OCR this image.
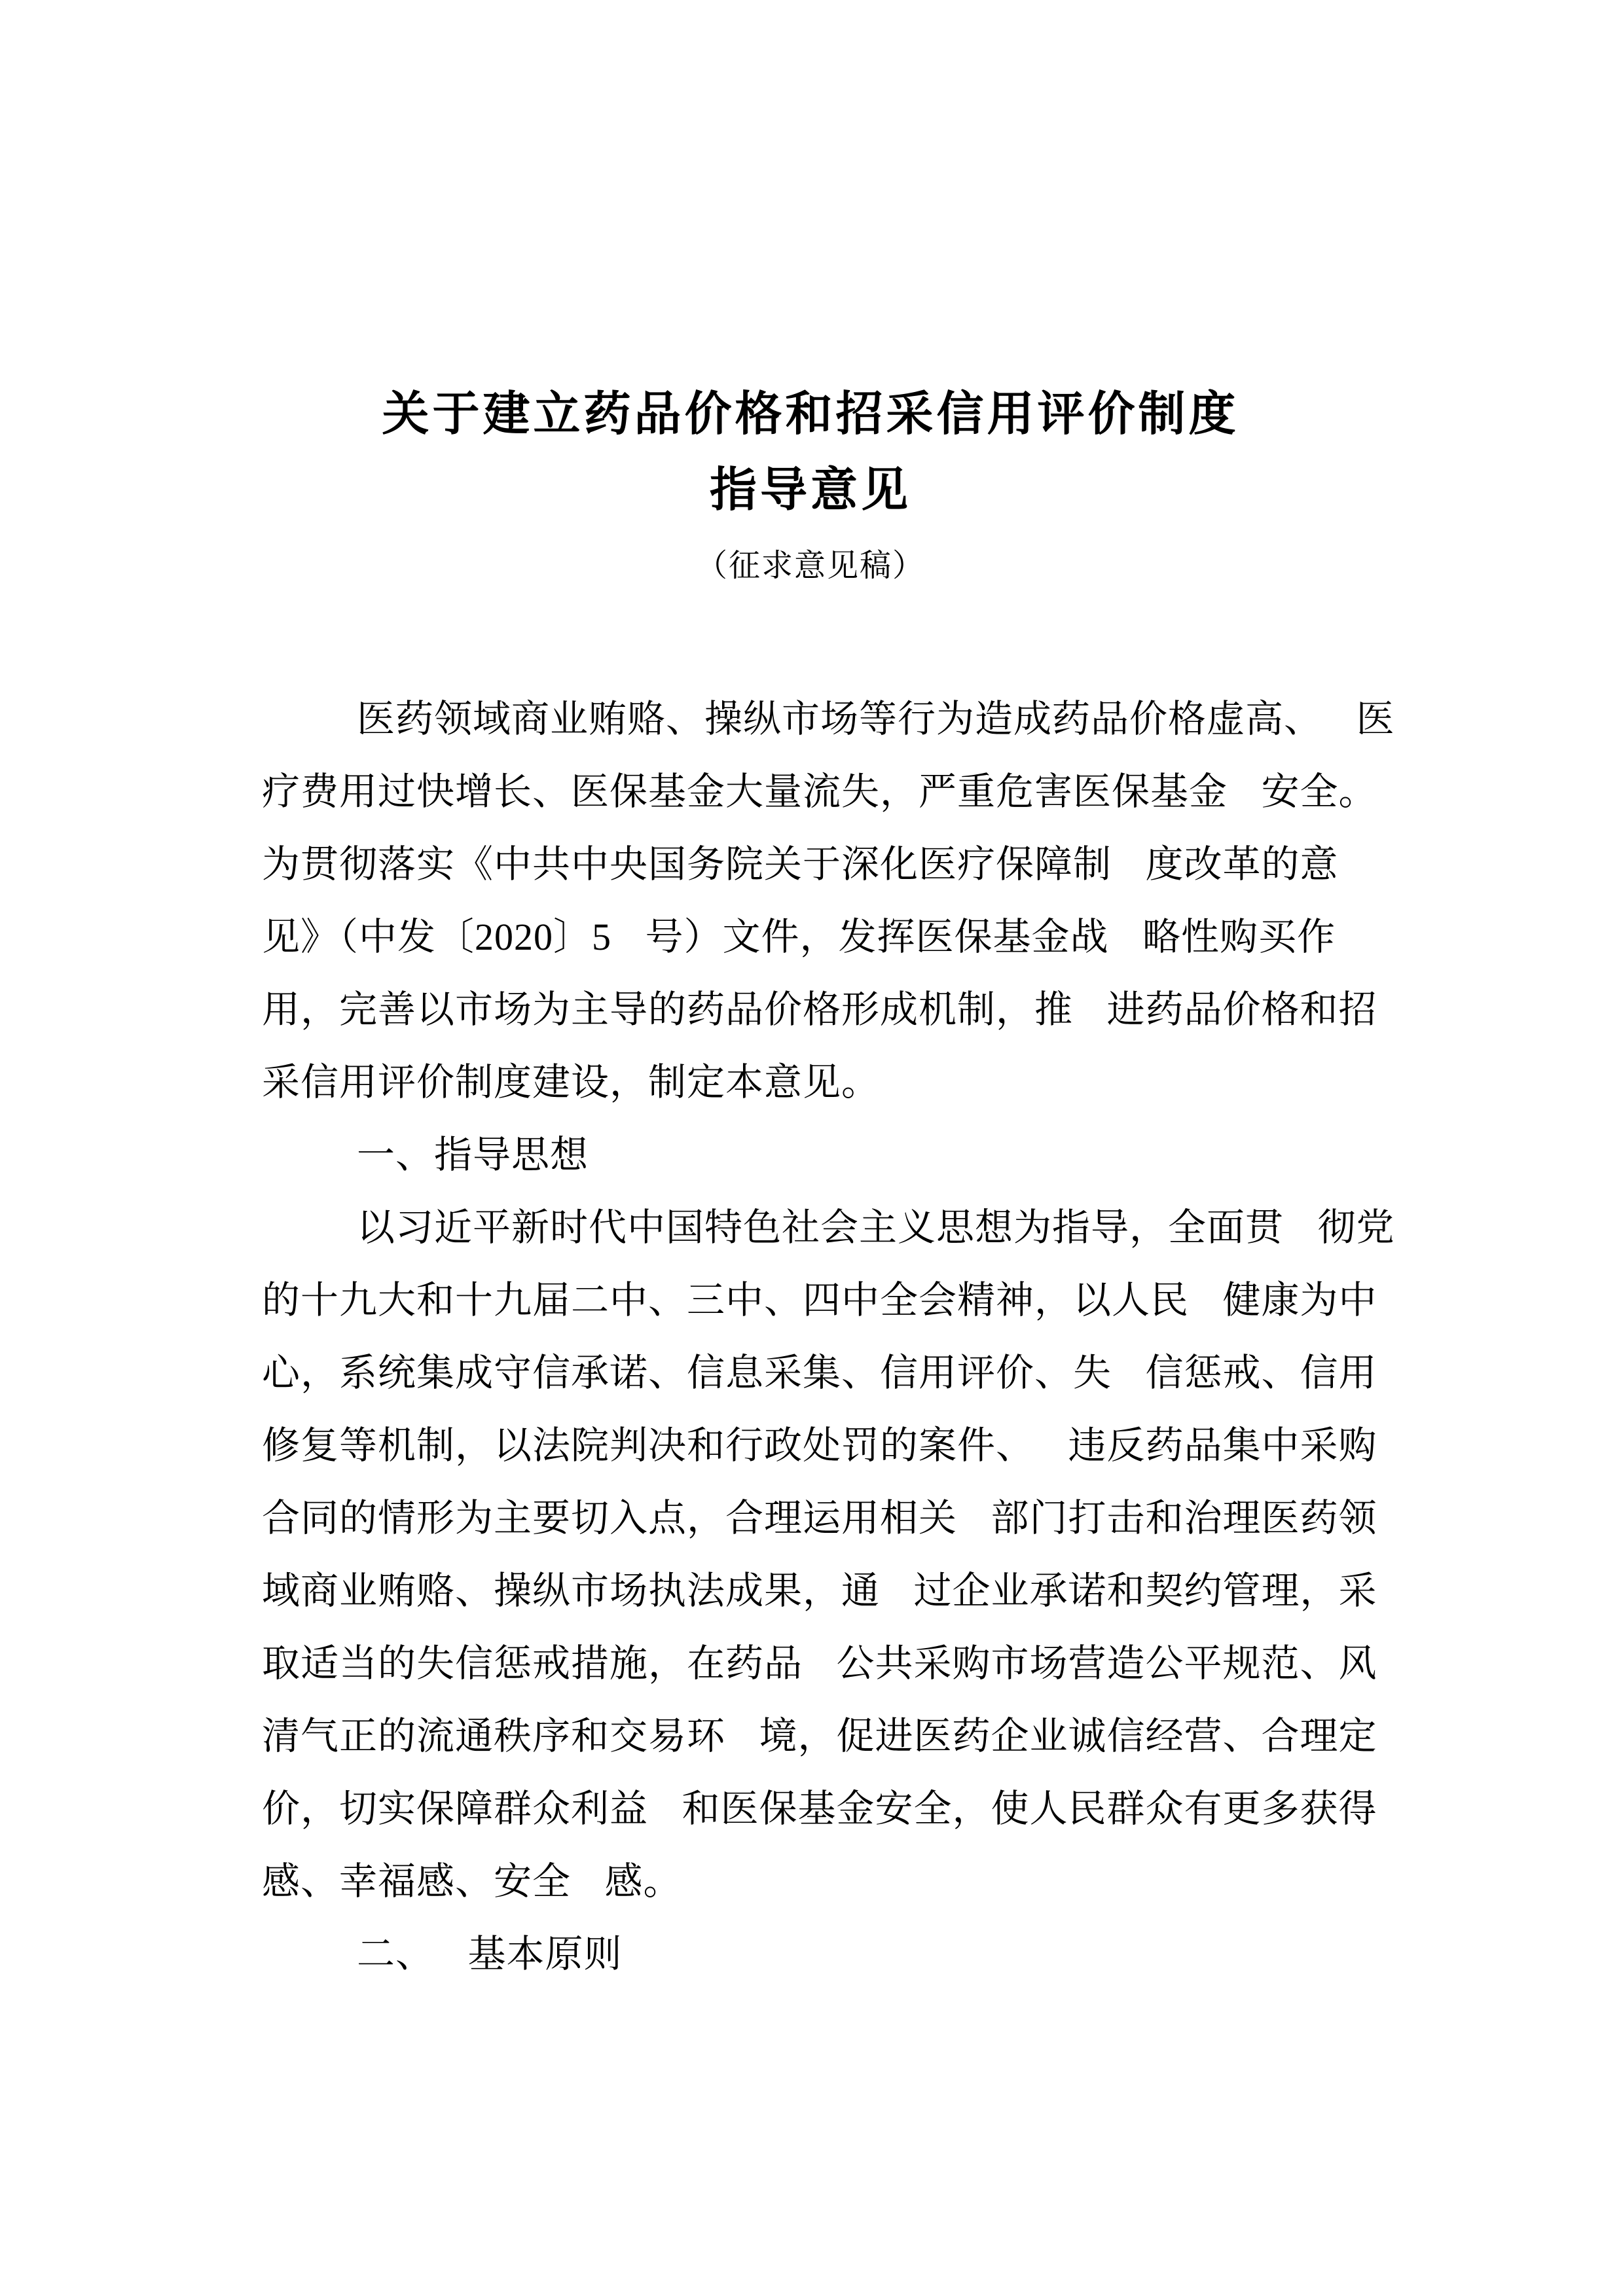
关于建立药品价格和招采信用评价制度
指导意见
（征求意见稿）
医药领域商业贿赂、操纵市场等行为造成药品价格虚高、 医
疗费用过快增长、医保基金大量流失，严重危害医保基金 安全。
为贯彻落实《中共中央国务院关于深化医疗保障制 度改革的意
见》（中发〔2020〕5 号）文件，发挥医保基金战 略性购买作
用，完善以市场为主导的药品价格形成机制，推 进药品价格和招
采信用评价制度建设，制定本意见。
一、指导思想
以习近平新时代中国特色社会主义思想为指导，全面贯 彻党
的十九大和十九届二中、三中、四中全会精神，以人民 健康为中
心，系统集成守信承诺、信息采集、信用评价、失 信惩戒、信用
修复等机制，以法院判决和行政处罚的案件、 违反药品集中采购
合同的情形为主要切入点，合理运用相关 部门打击和治理医药领
域商业贿赂、操纵市场执法成果，通 过企业承诺和契约管理，采
取适当的失信惩戒措施，在药品 公共采购市场营造公平规范、风
清气正的流通秩序和交易环 境，促进医药企业诚信经营、合理定
价，切实保障群众利益 和医保基金安全，使人民群众有更多获得
感、幸福感、安全 感。
二、 基本原则
